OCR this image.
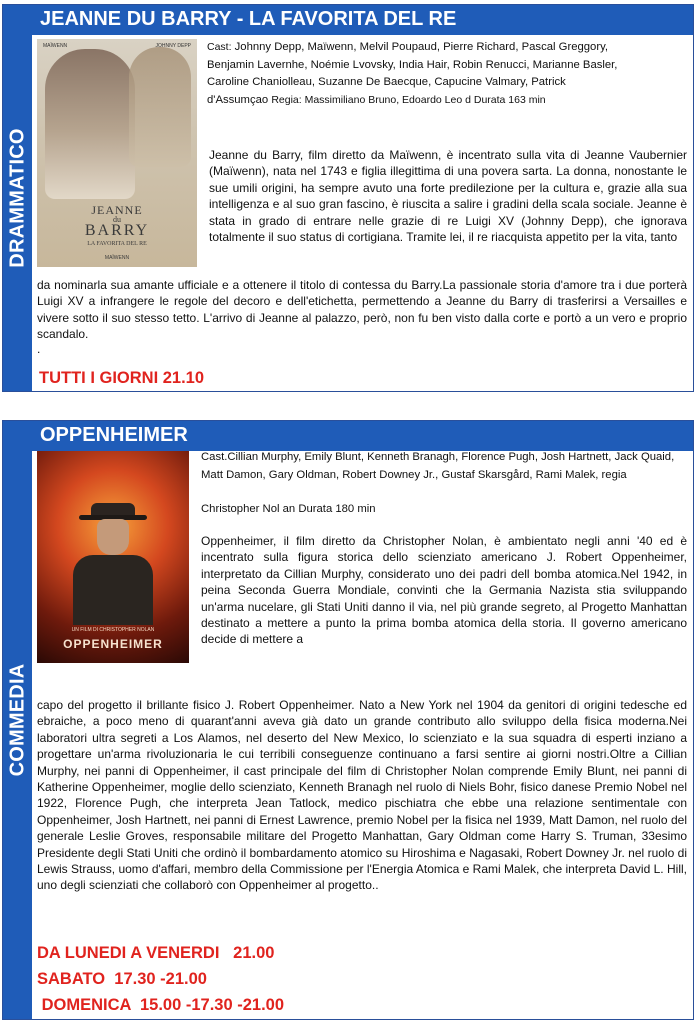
DRAMMATICO
JEANNE DU BARRY - LA FAVORITA DEL RE
MAÏWENN	JOHNNY DEPP
JEANNE
du
BARRY
LA FAVORITA DEL RE
MAÏWENN
Cast: Johnny Depp, Maïwenn, Melvil Poupaud, Pierre Richard, Pascal Greggory, Benjamin Lavernhe, Noémie Lvovsky, India Hair, Robin Renucci, Marianne Basler, Caroline Chaniolleau, Suzanne De Baecque, Capucine Valmary, Patrick d'Assumçao Regia: Massimiliano Bruno, Edoardo Leo d Durata 163 min
Jeanne du Barry, film diretto da Maïwenn, è incentrato sulla vita di Jeanne Vaubernier (Maïwenn), nata nel 1743 e figlia illegittima di una povera sarta. La donna, nonostante le sue umili origini, ha sempre avuto una forte predilezione per la cultura e, grazie alla sua intelligenza e al suo gran fascino, è riuscita a salire i gradini della scala sociale. Jeanne è stata in grado di entrare nelle grazie di re Luigi XV (Johnny Depp), che ignorava totalmente il suo status di cortigiana. Tramite lei, il re riacquista appetito per la vita, tanto
da nominarla sua amante ufficiale e a ottenere il titolo di contessa du Barry.La passionale storia d'amore tra i due porterà Luigi XV a infrangere le regole del decoro e dell'etichetta, permettendo a Jeanne du Barry di trasferirsi a Versailles e vivere sotto il suo stesso tetto. L'arrivo di Jeanne al palazzo, però, non fu ben visto dalla corte e portò a un vero e proprio scandalo.
.
TUTTI I GIORNI 21.10
COMMEDIA
OPPENHEIMER
UN FILM DI CHRISTOPHER NOLAN
OPPENHEIMER
Cast.Cillian Murphy, Emily Blunt, Kenneth Branagh, Florence Pugh, Josh Hartnett, Jack Quaid, Matt Damon, Gary Oldman, Robert Downey Jr., Gustaf Skarsgård, Rami Malek, regia
Christopher Nol an Durata 180 min
Oppenheimer, il film diretto da Christopher Nolan, è ambientato negli anni '40 ed è incentrato sulla figura storica dello scienziato americano J. Robert Oppenheimer, interpretato da Cillian Murphy, considerato uno dei padri dell bomba atomica.Nel 1942, in peina Seconda Guerra Mondiale, convinti che la Germania Nazista stia sviluppando un'arma nucelare, gli Stati Uniti danno il via, nel più grande segreto, al Progetto Manhattan destinato a mettere a punto la prima bomba atomica della storia. Il governo americano decide di mettere a
capo del progetto il brillante fisico J. Robert Oppenheimer. Nato a New York nel 1904 da genitori di origini tedesche ed ebraiche, a poco meno di quarant'anni aveva già dato un grande contributo allo sviluppo della fisica moderna.Nei laboratori ultra segreti a Los Alamos, nel deserto del New Mexico, lo scienziato e la sua squadra di esperti inziano a progettare un'arma rivoluzionaria le cui terribili conseguenze continuano a farsi sentire ai giorni nostri.Oltre a Cillian Murphy, nei panni di Oppenheimer, il cast principale del film di Christopher Nolan comprende Emily Blunt, nei panni di Katherine Oppenheimer, moglie dello scienziato, Kenneth Branagh nel ruolo di Niels Bohr, fisico danese Premio Nobel nel 1922, Florence Pugh, che interpreta Jean Tatlock, medico pischiatra che ebbe una relazione sentimentale con Oppenheimer, Josh Hartnett, nei panni di Ernest Lawrence, premio Nobel per la fisica nel 1939, Matt Damon, nel ruolo del generale Leslie Groves, responsabile militare del Progetto Manhattan, Gary Oldman come Harry S. Truman, 33esimo Presidente degli Stati Uniti che ordinò il bombardamento atomico su Hiroshima e Nagasaki, Robert Downey Jr. nel ruolo di Lewis Strauss, uomo d'affari, membro della Commissione per l'Energia Atomica e Rami Malek, che interpreta David L. Hill, uno degli scienziati che collaborò con Oppenheimer al progetto..
DA LUNEDI A VENERDI   21.00
SABATO  17.30 -21.00
DOMENICA  15.00 -17.30 -21.00
